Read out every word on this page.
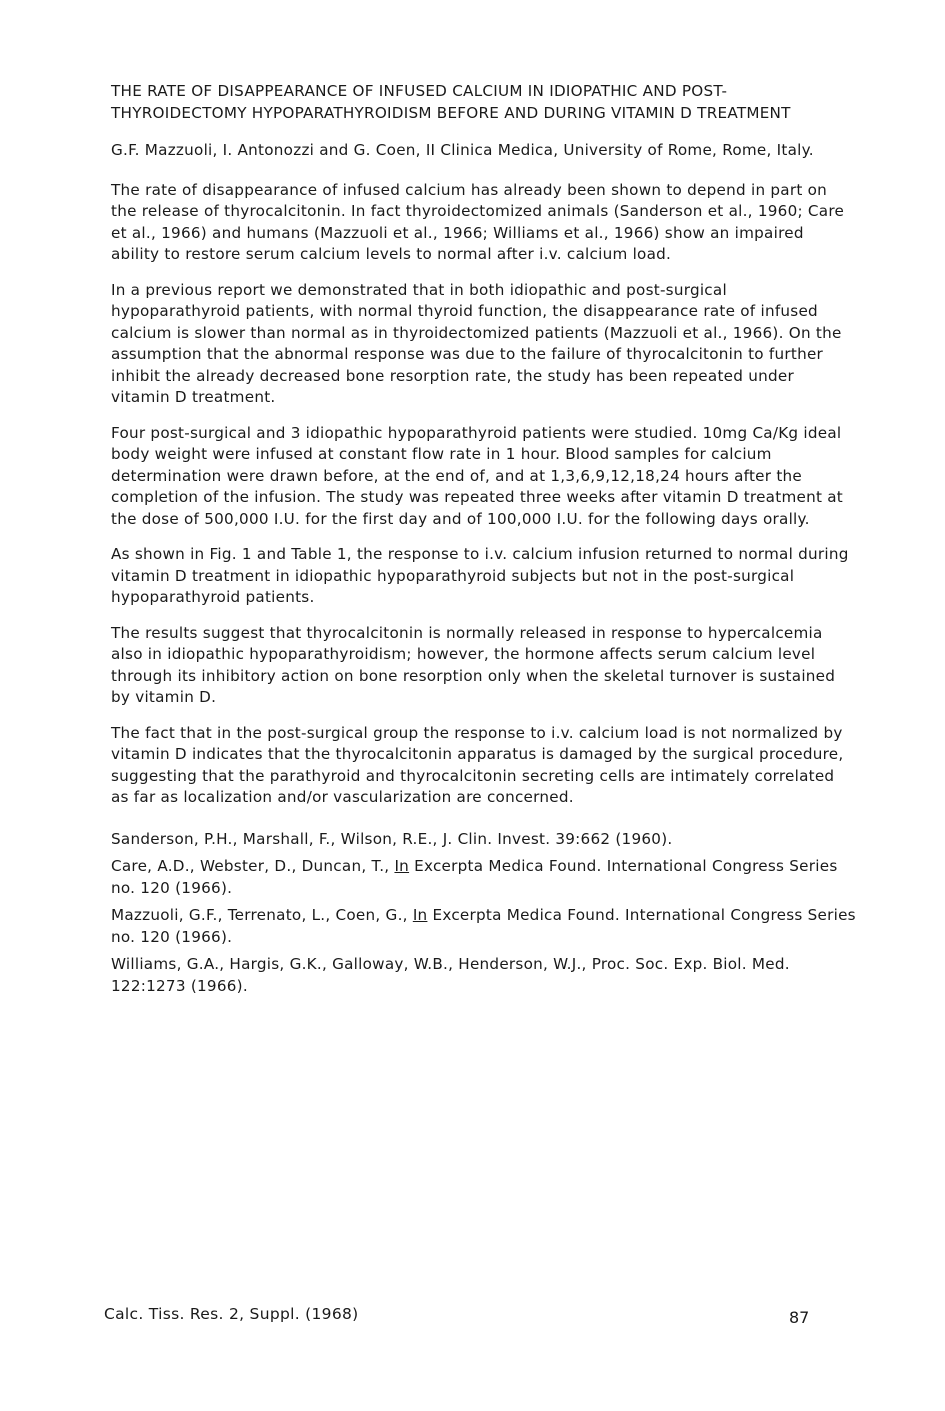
THE RATE OF DISAPPEARANCE OF INFUSED CALCIUM IN IDIOPATHIC AND POST-THYROIDECTOMY HYPOPARATHYROIDISM BEFORE AND DURING VITAMIN D TREATMENT

G.F. Mazzuoli, I. Antonozzi and G. Coen, II Clinica Medica, University of Rome, Rome, Italy.

The rate of disappearance of infused calcium has already been shown to depend in part on the release of thyrocalcitonin. In fact thyroidectomized animals (Sanderson et al., 1960; Care et al., 1966) and humans (Mazzuoli et al., 1966; Williams et al., 1966) show an impaired ability to restore serum calcium levels to normal after i.v. calcium load.

In a previous report we demonstrated that in both idiopathic and post-surgical hypoparathyroid patients, with normal thyroid function, the disappearance rate of infused calcium is slower than normal as in thyroidectomized patients (Mazzuoli et al., 1966). On the assumption that the abnormal response was due to the failure of thyrocalcitonin to further inhibit the already decreased bone resorption rate, the study has been repeated under vitamin D treatment.

Four post-surgical and 3 idiopathic hypoparathyroid patients were studied. 10mg Ca/Kg ideal body weight were infused at constant flow rate in 1 hour. Blood samples for calcium determination were drawn before, at the end of, and at 1,3,6,9,12,18,24 hours after the completion of the infusion. The study was repeated three weeks after vitamin D treatment at the dose of 500,000 I.U. for the first day and of 100,000 I.U. for the following days orally.

As shown in Fig. 1 and Table 1, the response to i.v. calcium infusion returned to normal during vitamin D treatment in idiopathic hypoparathyroid subjects but not in the post-surgical hypoparathyroid patients.

The results suggest that thyrocalcitonin is normally released in response to hypercalcemia also in idiopathic hypoparathyroidism; however, the hormone affects serum calcium level through its inhibitory action on bone resorption only when the skeletal turnover is sustained by vitamin D.

The fact that in the post-surgical group the response to i.v. calcium load is not normalized by vitamin D indicates that the thyrocalcitonin apparatus is damaged by the surgical procedure, suggesting that the parathyroid and thyrocalcitonin secreting cells are intimately correlated as far as localization and/or vascularization are concerned.

Sanderson, P.H., Marshall, F., Wilson, R.E., J. Clin. Invest. 39:662 (1960).

Care, A.D., Webster, D., Duncan, T., In Excerpta Medica Found. International Congress Series no. 120 (1966).

Mazzuoli, G.F., Terrenato, L., Coen, G., In Excerpta Medica Found. International Congress Series no. 120 (1966).

Williams, G.A., Hargis, G.K., Galloway, W.B., Henderson, W.J., Proc. Soc. Exp. Biol. Med. 122:1273 (1966).

Calc. Tiss. Res. 2, Suppl. (1968)	87
